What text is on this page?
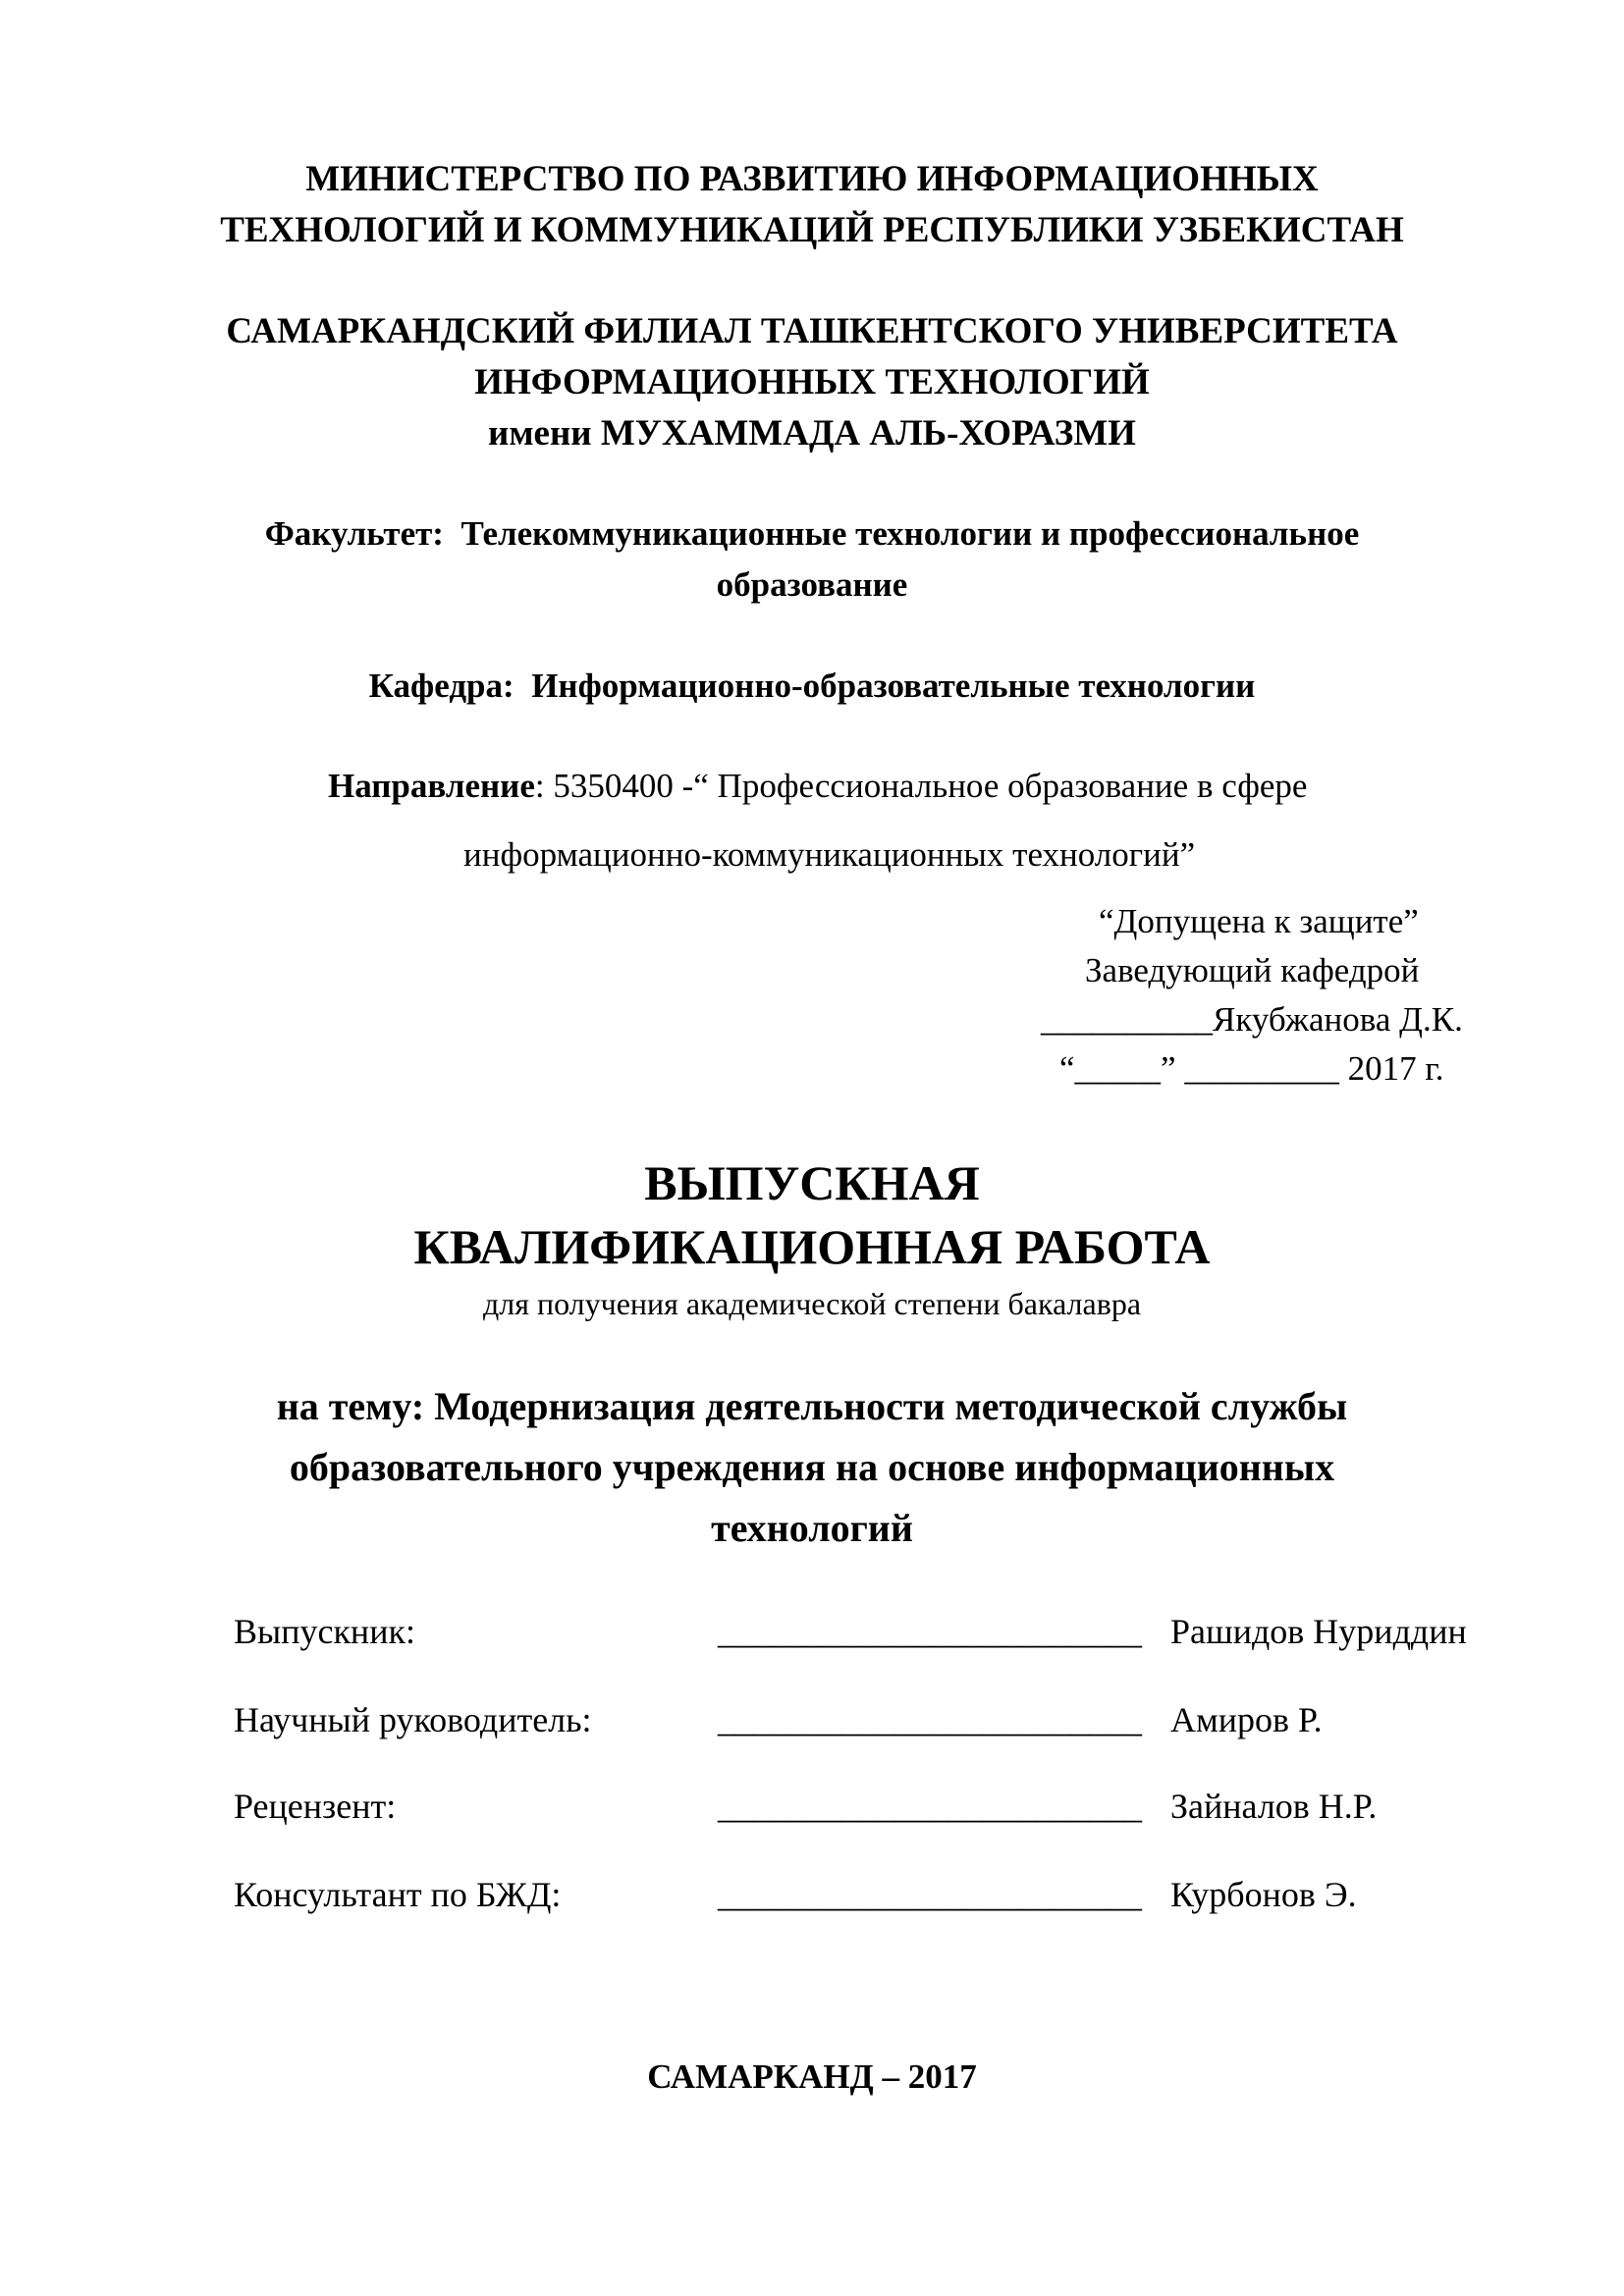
МИНИСТЕРСТВО ПО РАЗВИТИЮ ИНФОРМАЦИОННЫХ
ТЕХНОЛОГИЙ И КОММУНИКАЦИЙ РЕСПУБЛИКИ УЗБЕКИСТАН
САМАРКАНДСКИЙ ФИЛИАЛ ТАШКЕНТСКОГО УНИВЕРСИТЕТА
ИНФОРМАЦИОННЫХ ТЕХНОЛОГИЙ
имени МУХАММАДА АЛЬ-ХОРАЗМИ
Факультет: Телекоммуникационные технологии и профессиональное
образование
Кафедра: Информационно-образовательные технологии
Направление: 5350400 -“ Профессиональное образование в сфере
информационно-коммуникационных технологий”
“Допущена к защите”
Заведующий кафедрой
__________Якубжанова Д.К.
“_____” _________ 2017 г.
ВЫПУСКНАЯ
КВАЛИФИКАЦИОННАЯ РАБОТА
для получения академической степени бакалавра
на тему: Модернизация деятельности методической службы
образовательного учреждения на основе информационных
технологий
Выпускник:	________________________ Рашидов Нуриддин
Научный руководитель:	________________________ Амиров Р.
Рецензент:	________________________ Зайналов Н.Р.
Консультант по БЖД:	________________________ Курбонов Э.
САМАРКАНД – 2017
